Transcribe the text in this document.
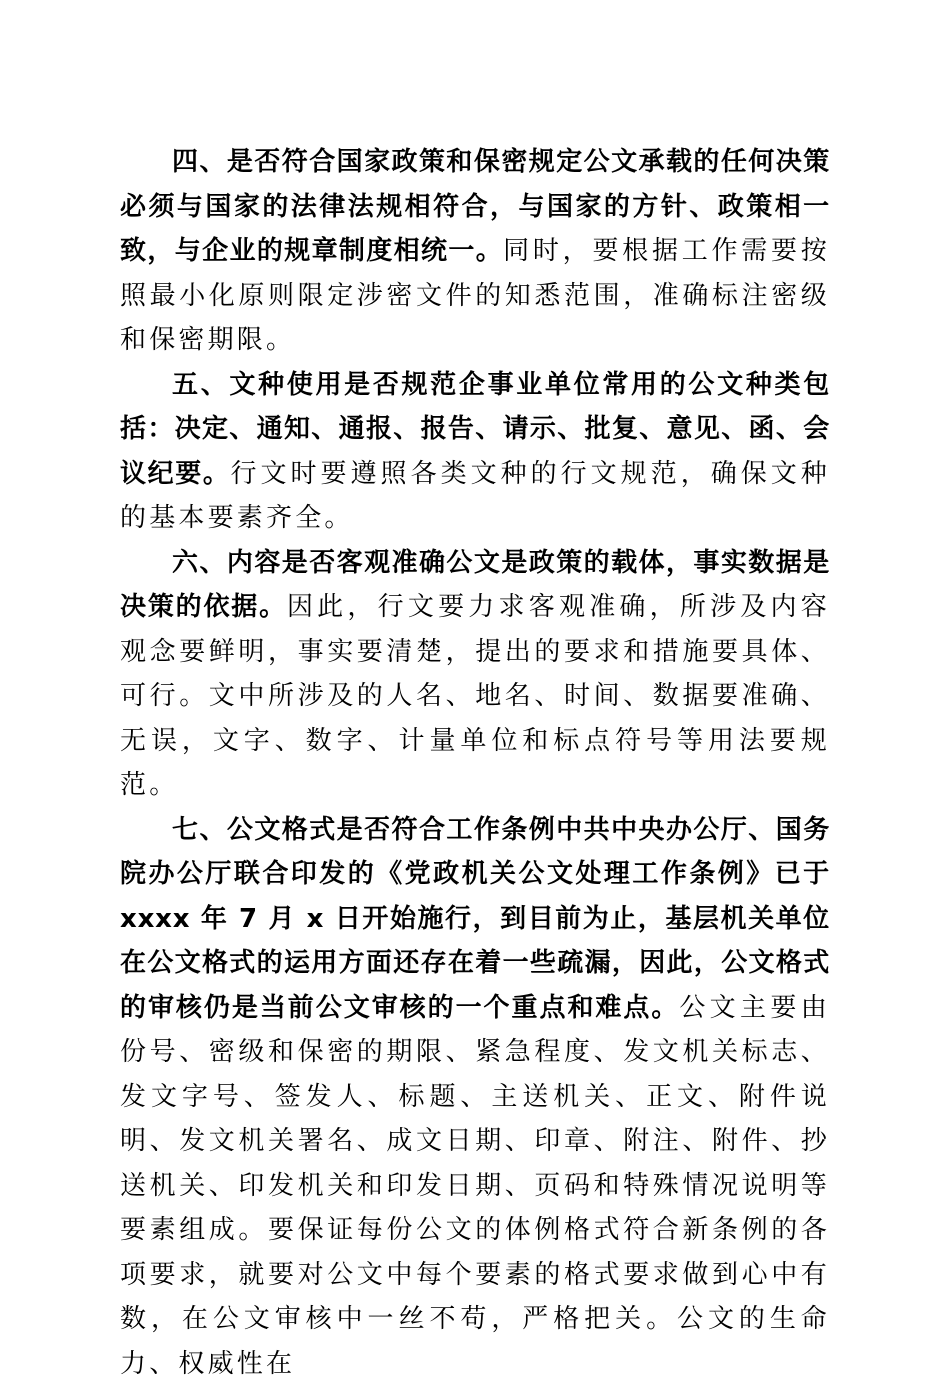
四、是否符合国家政策和保密规定公文承载的任何决策必须与国家的法律法规相符合，与国家的方针、政策相一致，与企业的规章制度相统一。同时，要根据工作需要按照最小化原则限定涉密文件的知悉范围，准确标注密级和保密期限。

五、文种使用是否规范企事业单位常用的公文种类包括：决定、通知、通报、报告、请示、批复、意见、函、会议纪要。行文时要遵照各类文种的行文规范，确保文种的基本要素齐全。

六、内容是否客观准确公文是政策的载体，事实数据是决策的依据。因此，行文要力求客观准确，所涉及内容观念要鲜明，事实要清楚，提出的要求和措施要具体、可行。文中所涉及的人名、地名、时间、数据要准确、无误，文字、数字、计量单位和标点符号等用法要规范。

七、公文格式是否符合工作条例中共中央办公厅、国务院办公厅联合印发的《党政机关公文处理工作条例》已于 xxxx 年 7 月 x 日开始施行，到目前为止，基层机关单位在公文格式的运用方面还存在着一些疏漏，因此，公文格式的审核仍是当前公文审核的一个重点和难点。公文主要由份号、密级和保密的期限、紧急程度、发文机关标志、发文字号、签发人、标题、主送机关、正文、附件说明、发文机关署名、成文日期、印章、附注、附件、抄送机关、印发机关和印发日期、页码和特殊情况说明等要素组成。要保证每份公文的体例格式符合新条例的各项要求，就要对公文中每个要素的格式要求做到心中有数，在公文审核中一丝不苟，严格把关。公文的生命力、权威性在
